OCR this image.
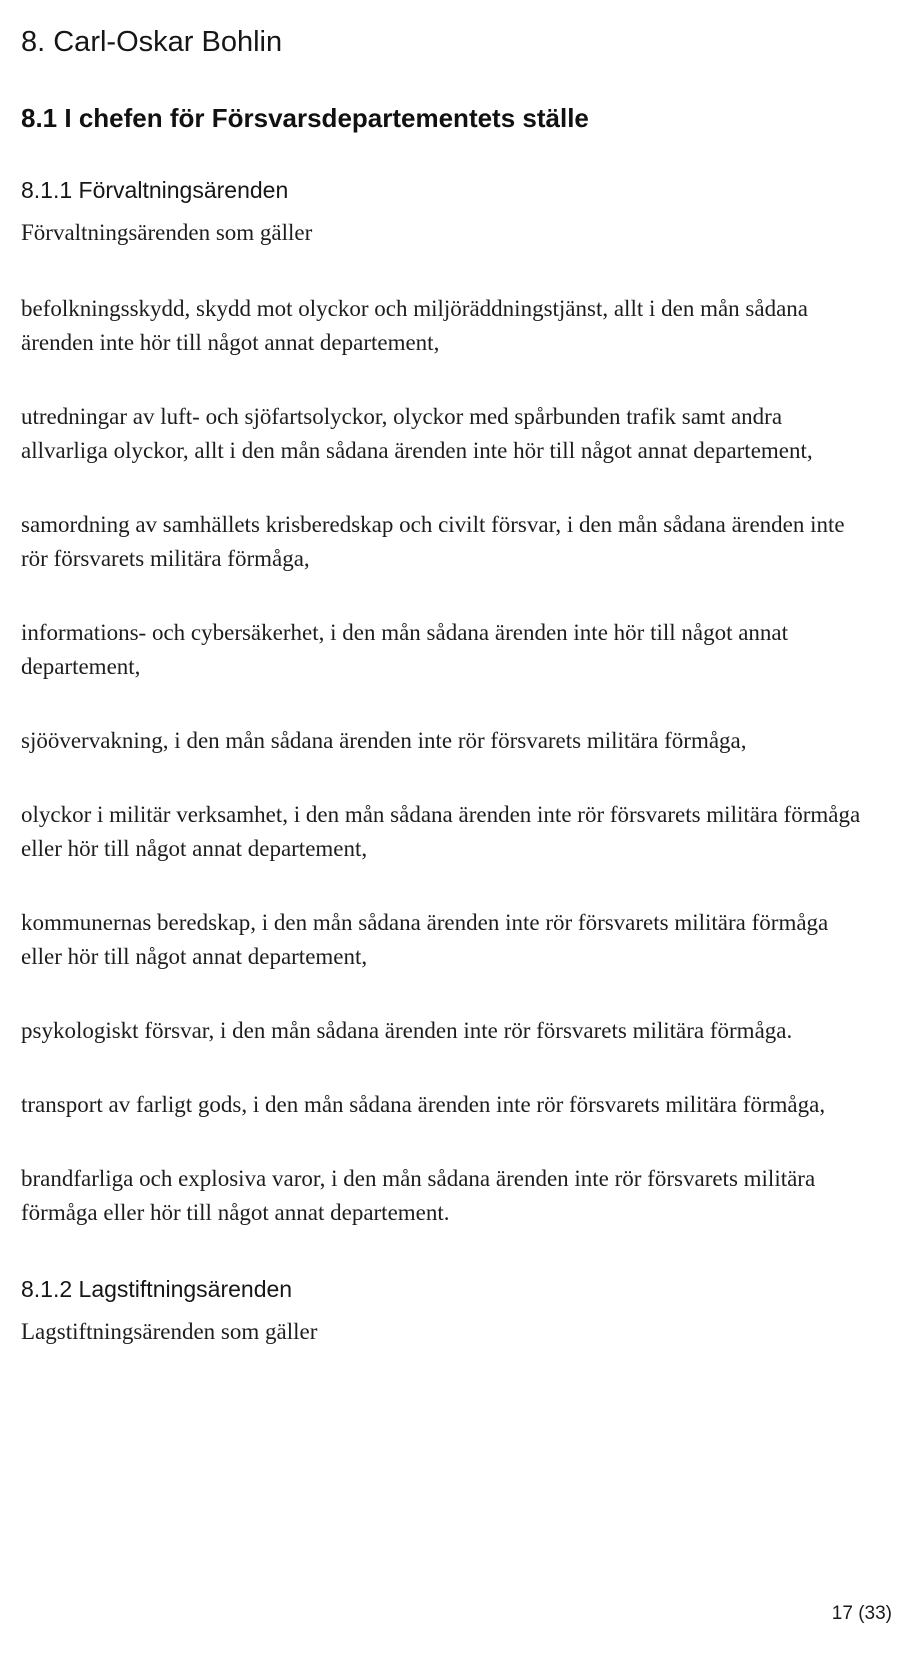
8. Carl-Oskar Bohlin
8.1 I chefen för Försvarsdepartementets ställe
8.1.1 Förvaltningsärenden

Förvaltningsärenden som gäller

befolkningsskydd, skydd mot olyckor och miljöräddningstjänst, allt i den mån sådana ärenden inte hör till något annat departement,

utredningar av luft- och sjöfartsolyckor, olyckor med spårbunden trafik samt andra allvarliga olyckor, allt i den mån sådana ärenden inte hör till något annat departement,

samordning av samhällets krisberedskap och civilt försvar, i den mån sådana ärenden inte rör försvarets militära förmåga,

informations- och cybersäkerhet, i den mån sådana ärenden inte hör till något annat departement,

sjöövervakning, i den mån sådana ärenden inte rör försvarets militära förmåga,

olyckor i militär verksamhet, i den mån sådana ärenden inte rör försvarets militära förmåga eller hör till något annat departement,

kommunernas beredskap, i den mån sådana ärenden inte rör försvarets militära förmåga eller hör till något annat departement,

psykologiskt försvar, i den mån sådana ärenden inte rör försvarets militära förmåga.

transport av farligt gods, i den mån sådana ärenden inte rör försvarets militära förmåga,

brandfarliga och explosiva varor, i den mån sådana ärenden inte rör försvarets militära förmåga eller hör till något annat departement.

8.1.2 Lagstiftningsärenden

Lagstiftningsärenden som gäller

17 (33)
